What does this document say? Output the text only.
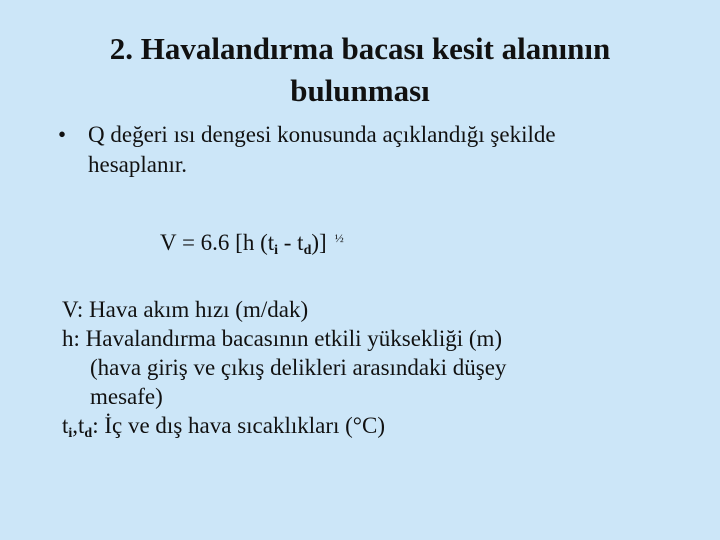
2. Havalandırma bacası kesit alanının
bulunması
• Q değeri ısı dengesi konusunda açıklandığı şekilde
hesaplanır.
V = 6.6 [h $(t_i - t_d)$] $^{\frac{1}{2}}$
V: Hava akım hızı (m/dak)
h: Havalandırma bacasının etkili yüksekliği (m)
(hava giriş ve çıkış delikleri arasındaki düşey
mesafe)
$t_i,t_d$: İç ve dış hava sıcaklıkları (°C)
